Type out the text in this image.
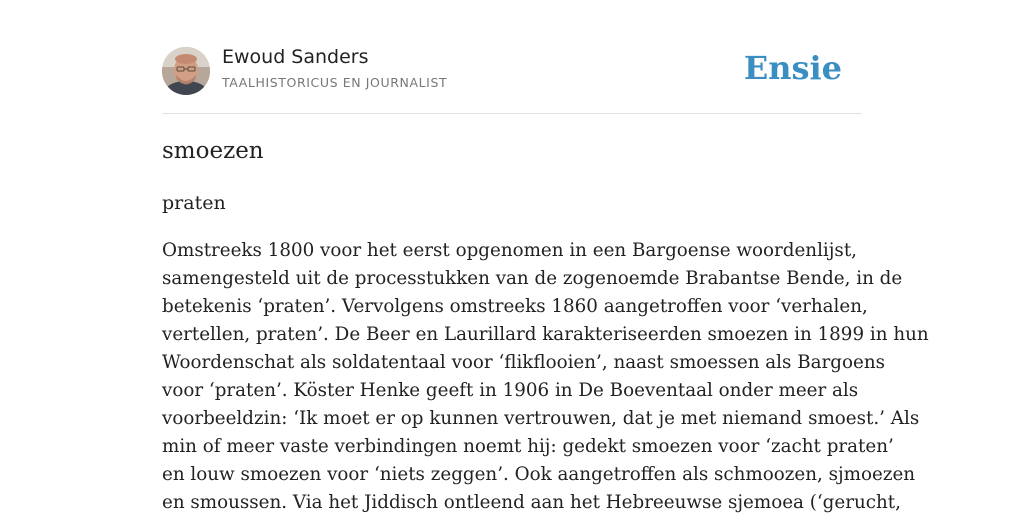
Ewoud Sanders
TAALHISTORICUS EN JOURNALIST	Ensie
smoezen
praten

Omstreeks 1800 voor het eerst opgenomen in een Bargoense woordenlijst,
samengesteld uit de processtukken van de zogenoemde Brabantse Bende, in de
betekenis ‘praten’. Vervolgens omstreeks 1860 aangetroffen voor ‘verhalen,
vertellen, praten’. De Beer en Laurillard karakteriseerden smoezen in 1899 in hun
Woordenschat als soldatentaal voor ‘flikflooien’, naast smoessen als Bargoens
voor ‘praten’. Köster Henke geeft in 1906 in De Boeventaal onder meer als
voorbeeldzin: ‘Ik moet er op kunnen vertrouwen, dat je met niemand smoest.’ Als
min of meer vaste verbindingen noemt hij: gedekt smoezen voor ‘zacht praten’
en louw smoezen voor ‘niets zeggen’. Ook aangetroffen als schmoozen, sjmoezen
en smoussen. Via het Jiddisch ontleend aan het Hebreeuwse sjemoea (‘gerucht,
